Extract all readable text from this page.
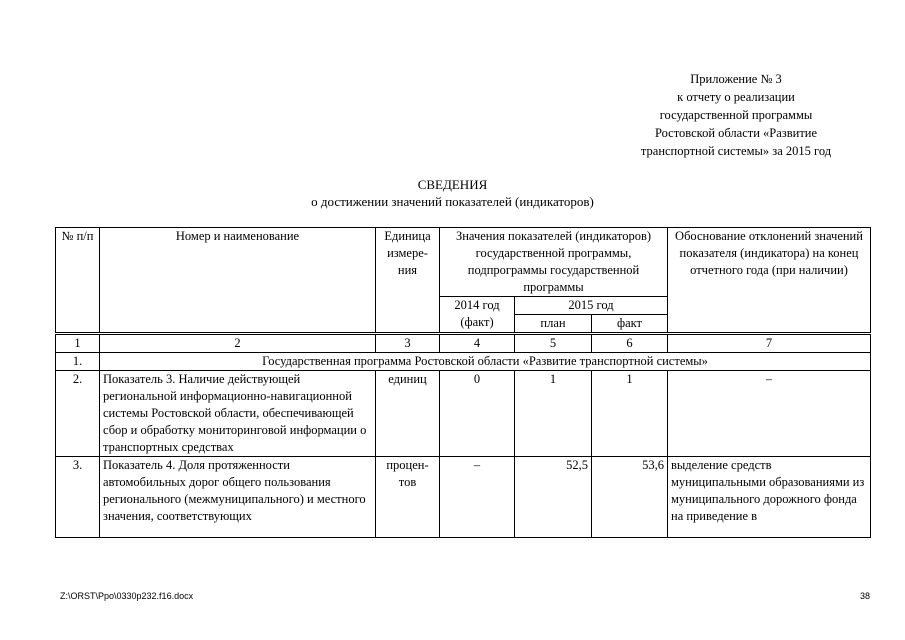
Приложение № 3
к отчету о реализации
государственной программы
Ростовской области «Развитие
транспортной системы» за 2015 год
СВЕДЕНИЯ
о достижении значений показателей (индикаторов)
№ п/п	Номер и наименование	Единица измере-ния	Значения показателей (индикаторов) государственной программы, подпрограммы государственной программы			Обоснование отклонений значений показателя (индикатора) на конец отчетного года (при наличии)
			2014 год (факт)	2015 год		
				план	факт	
1	2	3	4	5	6	7
1.	Государственная программа Ростовской области «Развитие транспортной системы»					
2.	Показатель 3. Наличие действующей региональной информационно-навигационной системы Ростовской области, обеспечивающей сбор и обработку мониторинговой информации о транспортных средствах	единиц	0	1	1	–
3.	Показатель 4. Доля протяженности автомобильных дорог общего пользования регионального (межмуниципального) и местного значения, соответствующих	процен-тов	–	52,5	53,6	выделение средств муниципальными образованиями из муниципального дорожного фонда на приведение в
Z:\ORST\Ppo\0330p232.f16.docx	38
